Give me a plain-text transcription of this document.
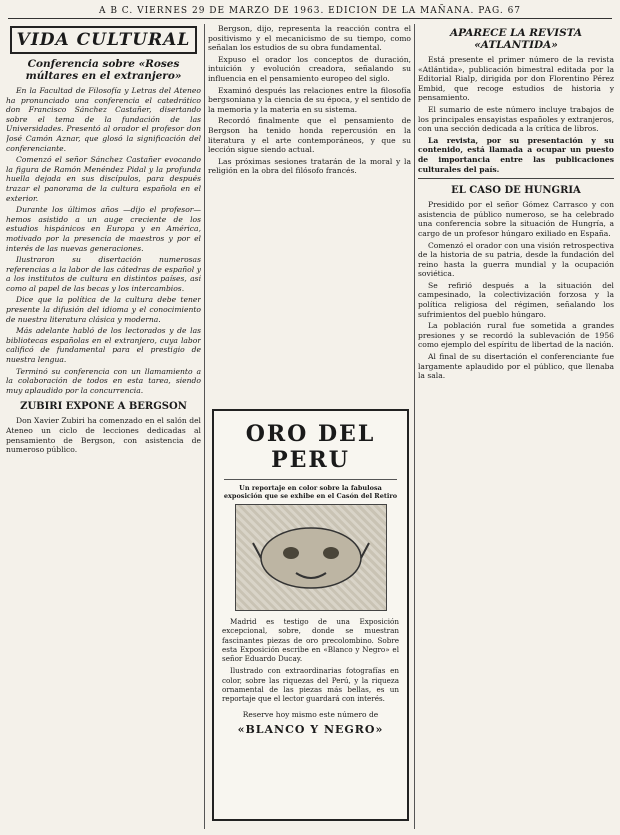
A B C. VIERNES 29 DE MARZO DE 1963. EDICION DE LA MAÑANA. PAG. 67
VIDA CULTURAL
Conferencia sobre «Roses múltares en el extranjero»

En la Facultad de Filosofía y Letras del Ateneo ha pronunciado una conferencia el catedrático don Francisco Sánchez Castañer, disertando sobre el tema de la fundación de las Universidades. Presentó al orador el profesor don José Camón Aznar, que glosó la significación del conferenciante.

Comenzó el señor Sánchez Castañer evocando la figura de Ramón Menéndez Pidal y la profunda huella dejada en sus discípulos, para después trazar el panorama de la cultura española en el exterior.

Durante los últimos años —dijo el profesor— hemos asistido a un auge creciente de los estudios hispánicos en Europa y en América, motivado por la presencia de maestros y por el interés de las nuevas generaciones.

Ilustraron su disertación numerosas referencias a la labor de las cátedras de español y a los institutos de cultura en distintos países, así como al papel de las becas y los intercambios.

Dice que la política de la cultura debe tener presente la difusión del idioma y el conocimiento de nuestra literatura clásica y moderna.

Más adelante habló de los lectorados y de las bibliotecas españolas en el extranjero, cuya labor calificó de fundamental para el prestigio de nuestra lengua.

Terminó su conferencia con un llamamiento a la colaboración de todos en esta tarea, siendo muy aplaudido por la concurrencia.

ZUBIRI EXPONE A BERGSON

Don Xavier Zubiri ha comenzado en el salón del Ateneo un ciclo de lecciones dedicadas al pensamiento de Bergson, con asistencia de numeroso público.

Bergson, dijo, representa la reacción contra el positivismo y el mecanicismo de su tiempo, como señalan los estudios de su obra fundamental.

Expuso el orador los conceptos de duración, intuición y evolución creadora, señalando su influencia en el pensamiento europeo del siglo.

Examinó después las relaciones entre la filosofía bergsoniana y la ciencia de su época, y el sentido de la memoria y la materia en su sistema.

Recordó finalmente que el pensamiento de Bergson ha tenido honda repercusión en la literatura y el arte contemporáneos, y que su lección sigue siendo actual.

Las próximas sesiones tratarán de la moral y la religión en la obra del filósofo francés.

ORO DEL PERU
Un reportaje en color sobre la fabulosa exposición que se exhibe en el Casón del Retiro

Madrid es testigo de una Exposición excepcional, sobre, donde se muestran fascinantes piezas de oro precolombino. Sobre esta Exposición escribe en «Blanco y Negro» el señor Eduardo Ducay.

Ilustrado con extraordinarias fotografías en color, sobre las riquezas del Perú, y la riqueza ornamental de las piezas más bellas, es un reportaje que el lector guardará con interés.

Reserve hoy mismo este número de
«BLANCO Y NEGRO»
APARECE LA REVISTA «ATLANTIDA»

Está presente el primer número de la revista «Atlántida», publicación bimestral editada por la Editorial Rialp, dirigida por don Florentino Pérez Embid, que recoge estudios de historia y pensamiento.

El sumario de este número incluye trabajos de los principales ensayistas españoles y extranjeros, con una sección dedicada a la crítica de libros.

La revista, por su presentación y su contenido, está llamada a ocupar un puesto de importancia entre las publicaciones culturales del país.

EL CASO DE HUNGRIA

Presidido por el señor Gómez Carrasco y con asistencia de público numeroso, se ha celebrado una conferencia sobre la situación de Hungría, a cargo de un profesor húngaro exiliado en España.

Comenzó el orador con una visión retrospectiva de la historia de su patria, desde la fundación del reino hasta la guerra mundial y la ocupación soviética.

Se refirió después a la situación del campesinado, la colectivización forzosa y la política religiosa del régimen, señalando los sufrimientos del pueblo húngaro.

La población rural fue sometida a grandes presiones y se recordó la sublevación de 1956 como ejemplo del espíritu de libertad de la nación.

Al final de su disertación el conferenciante fue largamente aplaudido por el público, que llenaba la sala.
